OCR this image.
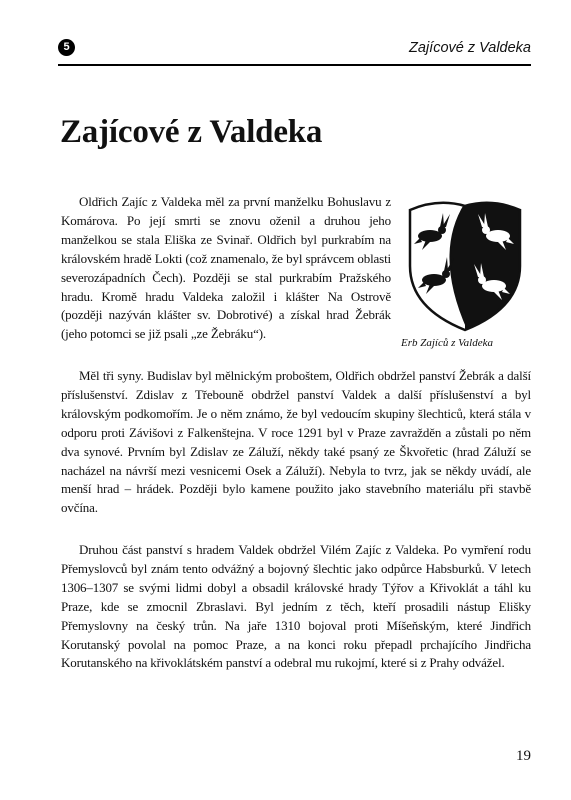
5	Zajícové z Valdeka
Zajícové z Valdeka

Oldřich Zajíc z Valdeka měl za první manželku Bohuslavu z Komárova. Po její smrti se znovu oženil a druhou jeho manželkou se stala Eliška ze Svinař. Oldřich byl purkrabím na královském hradě Lokti (což znamenalo, že byl správcem oblasti severozápadních Čech). Později se stal purkrabím Pražského hradu. Kromě hradu Valdeka založil i klášter Na Ostrově (později nazýván klášter sv. Dobrotivé) a získal hrad Žebrák (jeho potomci se již psali „ze Žebráku“).

Erb Zajíců z Valdeka

Měl tři syny. Budislav byl mělnickým proboštem, Oldřich obdržel panství Žebrák a další příslušenství. Zdislav z Třebouně obdržel panství Valdek a další příslušenství a byl královským podkomořím. Je o něm známo, že byl vedoucím skupiny šlechticů, která stála v odporu proti Závišovi z Falkenštejna. V roce 1291 byl v Praze zavražděn a zůstali po něm dva synové. Prvním byl Zdislav ze Záluží, někdy také psaný ze Škvořetic (hrad Záluží se nacházel na návrší mezi vesnicemi Osek a Záluží). Nebyla to tvrz, jak se někdy uvádí, ale menší hrad – hrádek. Později bylo kamene použito jako stavebního materiálu při stavbě ovčína.

Druhou část panství s hradem Valdek obdržel Vilém Zajíc z Valdeka. Po vymření rodu Přemyslovců byl znám tento odvážný a bojovný šlechtic jako odpůrce Habsburků. V letech 1306–1307 se svými lidmi dobyl a obsadil královské hrady Týřov a Křivoklát a táhl ku Praze, kde se zmocnil Zbraslavi. Byl jedním z těch, kteří prosadili nástup Elišky Přemyslovny na český trůn. Na jaře 1310 bojoval proti Míšeňským, které Jindřich Korutanský povolal na pomoc Praze, a na konci roku přepadl prchajícího Jindřicha Korutanského na křivoklátském panství a odebral mu rukojmí, které si z Prahy odvážel.

19
